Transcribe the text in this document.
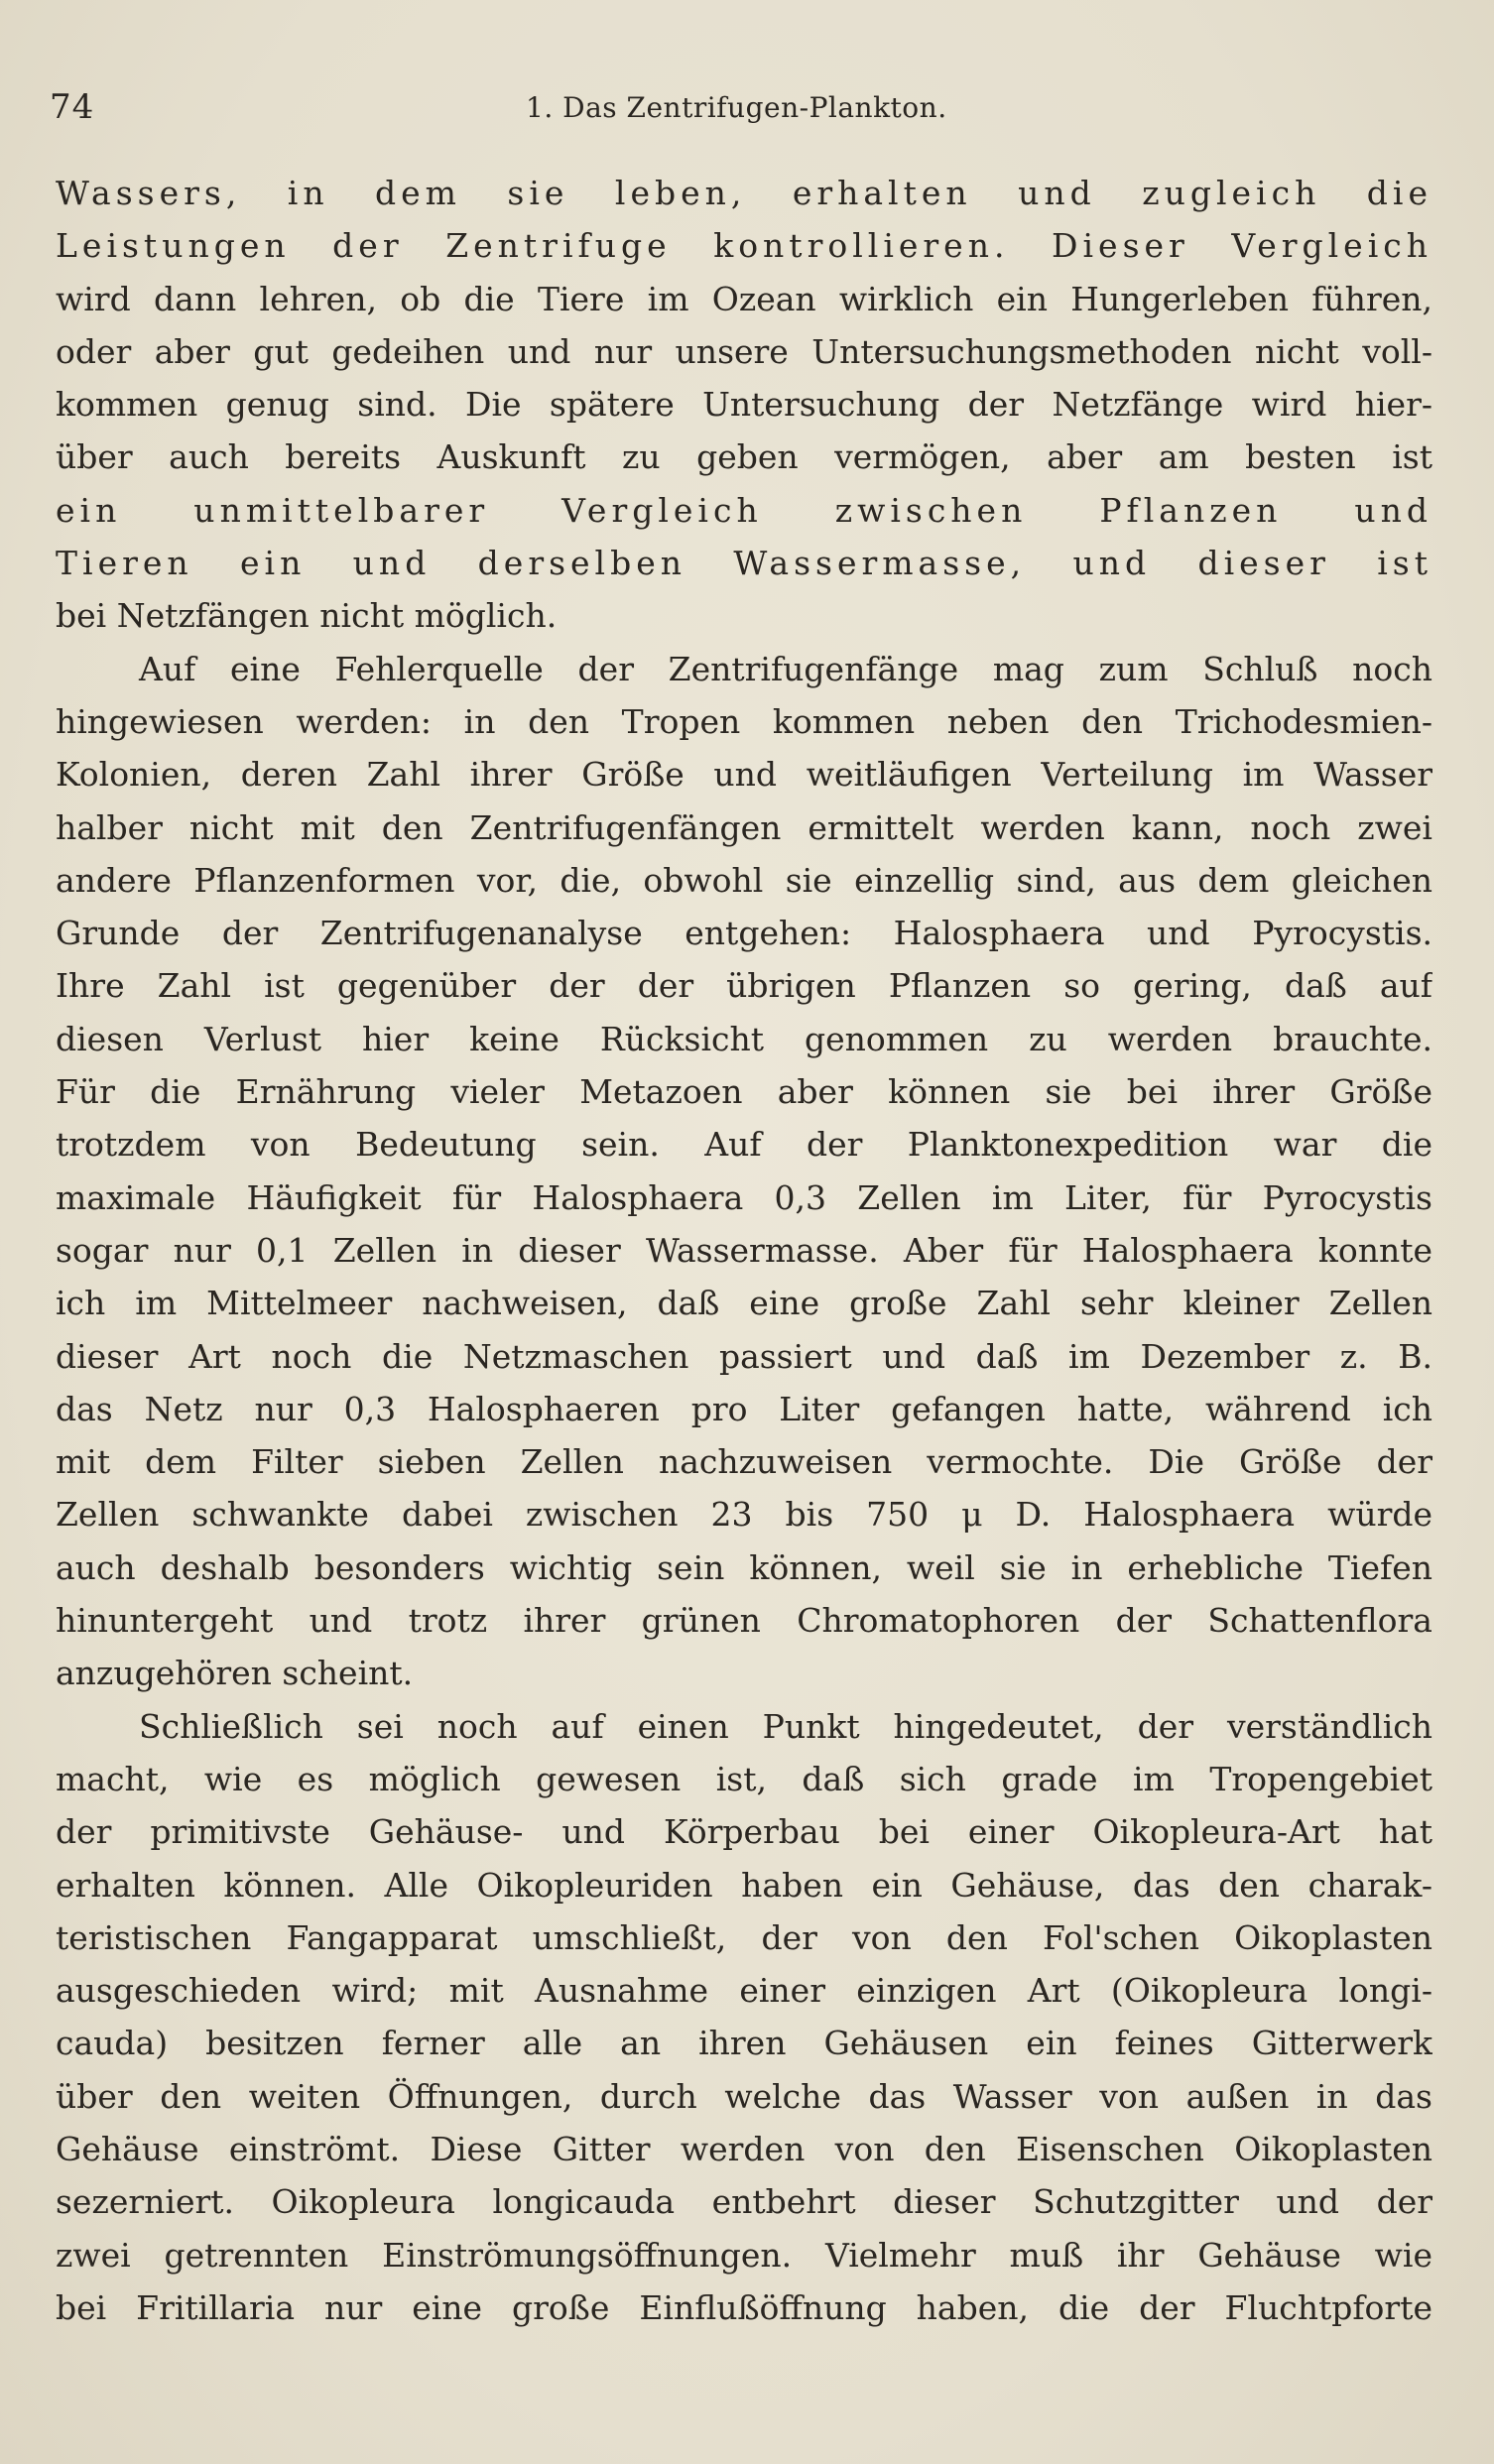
74	1. Das Zentrifugen-Plankton.
Wassers, in dem sie leben, erhalten und zugleich die
Leistungen der Zentrifuge kontrollieren. Dieser Vergleich
wird dann lehren, ob die Tiere im Ozean wirklich ein Hungerleben führen,
oder aber gut gedeihen und nur unsere Untersuchungsmethoden nicht voll-
kommen genug sind. Die spätere Untersuchung der Netzfänge wird hier-
über auch bereits Auskunft zu geben vermögen, aber am besten ist
ein unmittelbarer Vergleich zwischen Pflanzen und
Tieren ein und derselben Wassermasse, und dieser ist
bei Netzfängen nicht möglich.
Auf eine Fehlerquelle der Zentrifugenfänge mag zum Schluß noch
hingewiesen werden: in den Tropen kommen neben den Trichodesmien-
Kolonien, deren Zahl ihrer Größe und weitläufigen Verteilung im Wasser
halber nicht mit den Zentrifugenfängen ermittelt werden kann, noch zwei
andere Pflanzenformen vor, die, obwohl sie einzellig sind, aus dem gleichen
Grunde der Zentrifugenanalyse entgehen: Halosphaera und Pyrocystis.
Ihre Zahl ist gegenüber der der übrigen Pflanzen so gering, daß auf
diesen Verlust hier keine Rücksicht genommen zu werden brauchte.
Für die Ernährung vieler Metazoen aber können sie bei ihrer Größe
trotzdem von Bedeutung sein. Auf der Planktonexpedition war die
maximale Häufigkeit für Halosphaera 0,3 Zellen im Liter, für Pyrocystis
sogar nur 0,1 Zellen in dieser Wassermasse. Aber für Halosphaera konnte
ich im Mittelmeer nachweisen, daß eine große Zahl sehr kleiner Zellen
dieser Art noch die Netzmaschen passiert und daß im Dezember z. B.
das Netz nur 0,3 Halosphaeren pro Liter gefangen hatte, während ich
mit dem Filter sieben Zellen nachzuweisen vermochte. Die Größe der
Zellen schwankte dabei zwischen 23 bis 750 μ D. Halosphaera würde
auch deshalb besonders wichtig sein können, weil sie in erhebliche Tiefen
hinuntergeht und trotz ihrer grünen Chromatophoren der Schattenflora
anzugehören scheint.
Schließlich sei noch auf einen Punkt hingedeutet, der verständlich
macht, wie es möglich gewesen ist, daß sich grade im Tropengebiet
der primitivste Gehäuse- und Körperbau bei einer Oikopleura-Art hat
erhalten können. Alle Oikopleuriden haben ein Gehäuse, das den charak-
teristischen Fangapparat umschließt, der von den Fol'schen Oikoplasten
ausgeschieden wird; mit Ausnahme einer einzigen Art (Oikopleura longi-
cauda) besitzen ferner alle an ihren Gehäusen ein feines Gitterwerk
über den weiten Öffnungen, durch welche das Wasser von außen in das
Gehäuse einströmt. Diese Gitter werden von den Eisenschen Oikoplasten
sezerniert. Oikopleura longicauda entbehrt dieser Schutzgitter und der
zwei getrennten Einströmungsöffnungen. Vielmehr muß ihr Gehäuse wie
bei Fritillaria nur eine große Einflußöffnung haben, die der Fluchtpforte
